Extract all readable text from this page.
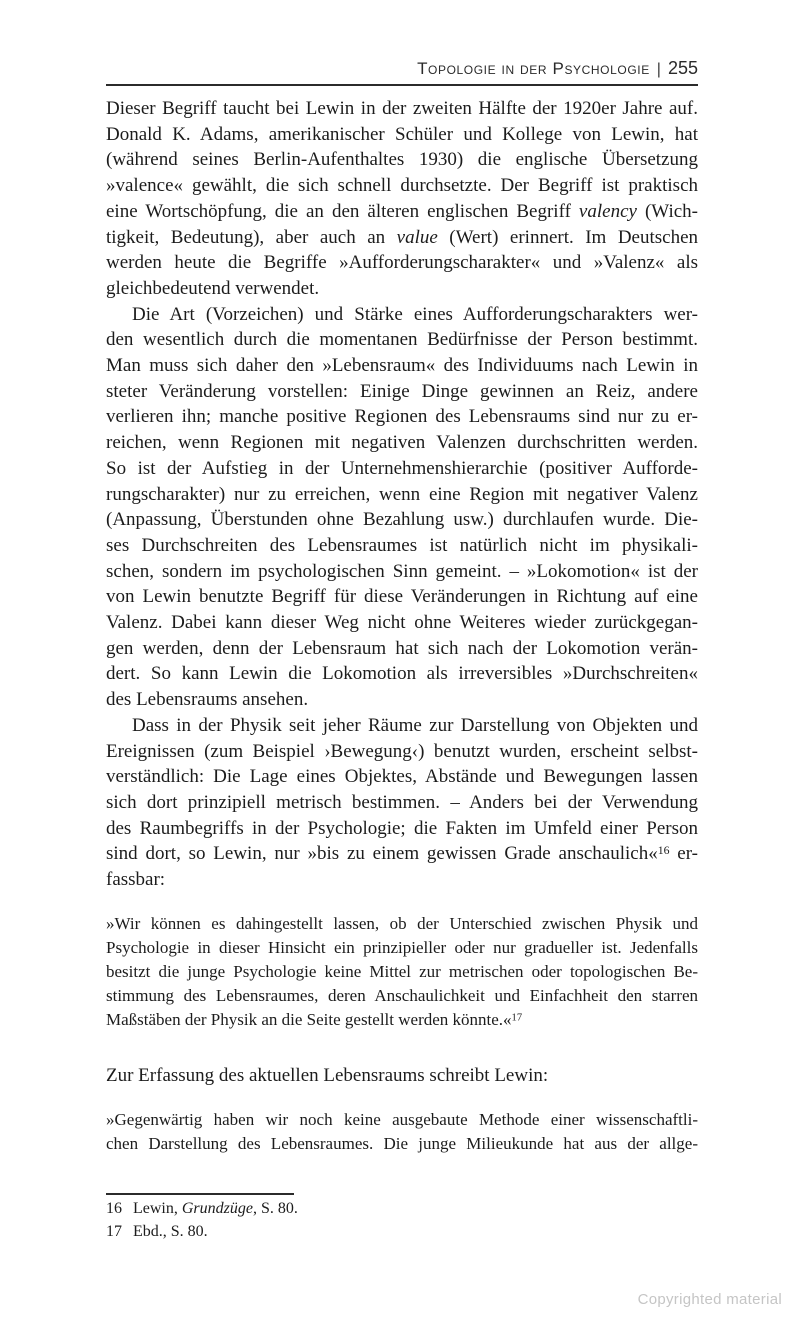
Topologie in der Psychologie | 255
Dieser Begriff taucht bei Lewin in der zweiten Hälfte der 1920er Jahre auf.
Donald K. Adams, amerikanischer Schüler und Kollege von Lewin, hat
(während seines Berlin-Aufenthaltes 1930) die englische Übersetzung
»valence« gewählt, die sich schnell durchsetzte. Der Begriff ist praktisch
eine Wortschöpfung, die an den älteren englischen Begriff valency (Wich-
tigkeit, Bedeutung), aber auch an value (Wert) erinnert. Im Deutschen
werden heute die Begriffe »Aufforderungscharakter« und »Valenz« als
gleichbedeutend verwendet.
Die Art (Vorzeichen) und Stärke eines Aufforderungscharakters wer-
den wesentlich durch die momentanen Bedürfnisse der Person bestimmt.
Man muss sich daher den »Lebensraum« des Individuums nach Lewin in
steter Veränderung vorstellen: Einige Dinge gewinnen an Reiz, andere
verlieren ihn; manche positive Regionen des Lebensraums sind nur zu er-
reichen, wenn Regionen mit negativen Valenzen durchschritten werden.
So ist der Aufstieg in der Unternehmenshierarchie (positiver Aufforde-
rungscharakter) nur zu erreichen, wenn eine Region mit negativer Valenz
(Anpassung, Überstunden ohne Bezahlung usw.) durchlaufen wurde. Die-
ses Durchschreiten des Lebensraumes ist natürlich nicht im physikali-
schen, sondern im psychologischen Sinn gemeint. – »Lokomotion« ist der
von Lewin benutzte Begriff für diese Veränderungen in Richtung auf eine
Valenz. Dabei kann dieser Weg nicht ohne Weiteres wieder zurückgegan-
gen werden, denn der Lebensraum hat sich nach der Lokomotion verän-
dert. So kann Lewin die Lokomotion als irreversibles »Durchschreiten«
des Lebensraums ansehen.
Dass in der Physik seit jeher Räume zur Darstellung von Objekten und
Ereignissen (zum Beispiel ›Bewegung‹) benutzt wurden, erscheint selbst-
verständlich: Die Lage eines Objektes, Abstände und Bewegungen lassen
sich dort prinzipiell metrisch bestimmen. – Anders bei der Verwendung
des Raumbegriffs in der Psychologie; die Fakten im Umfeld einer Person
sind dort, so Lewin, nur »bis zu einem gewissen Grade anschaulich«$^{16}$ er-
fassbar:
»Wir können es dahingestellt lassen, ob der Unterschied zwischen Physik und
Psychologie in dieser Hinsicht ein prinzipieller oder nur gradueller ist. Jedenfalls
besitzt die junge Psychologie keine Mittel zur metrischen oder topologischen Be-
stimmung des Lebensraumes, deren Anschaulichkeit und Einfachheit den starren
Maßstäben der Physik an die Seite gestellt werden könnte.«$^{17}$
Zur Erfassung des aktuellen Lebensraums schreibt Lewin:
»Gegenwärtig haben wir noch keine ausgebaute Methode einer wissenschaftli-
chen Darstellung des Lebensraumes. Die junge Milieukunde hat aus der allge-
16 Lewin, Grundzüge, S. 80.
17 Ebd., S. 80.
Copyrighted material
